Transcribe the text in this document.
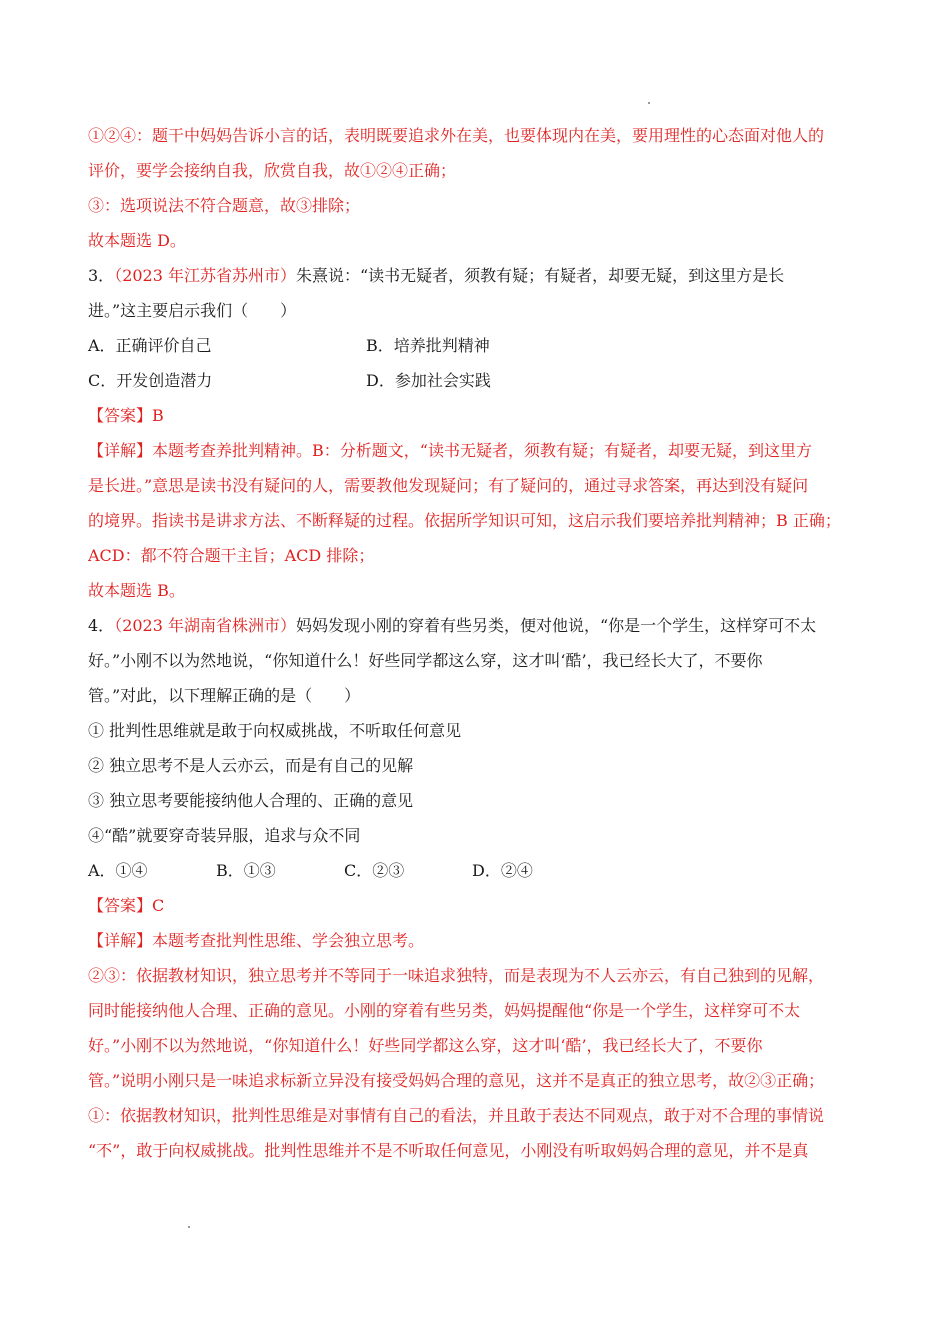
①②④：题干中妈妈告诉小言的话，表明既要追求外在美，也要体现内在美，要用理性的心态面对他人的
评价，要学会接纳自我，欣赏自我，故①②④正确；
③：选项说法不符合题意，故③排除；
故本题选 D。
3．（2023 年江苏省苏州市）朱熹说：“读书无疑者，须教有疑；有疑者，却要无疑，到这里方是长
进。”这主要启示我们（　　）
A．正确评价自己	B．培养批判精神
C．开发创造潜力	D．参加社会实践
【答案】B
【详解】本题考查养批判精神。B：分析题文，“读书无疑者，须教有疑；有疑者，却要无疑，到这里方
是长进。”意思是读书没有疑问的人，需要教他发现疑问；有了疑问的，通过寻求答案，再达到没有疑问
的境界。指读书是讲求方法、不断释疑的过程。依据所学知识可知，这启示我们要培养批判精神；B 正确；
ACD：都不符合题干主旨；ACD 排除；
故本题选 B。
4．（2023 年湖南省株洲市）妈妈发现小刚的穿着有些另类，便对他说，“你是一个学生，这样穿可不太
好。”小刚不以为然地说，“你知道什么！好些同学都这么穿，这才叫‘酷’，我已经长大了，不要你
管。”对此，以下理解正确的是（　　）
① 批判性思维就是敢于向权威挑战，不听取任何意见
② 独立思考不是人云亦云，而是有自己的见解
③ 独立思考要能接纳他人合理的、正确的意见
④“酷”就要穿奇装异服，追求与众不同
A．①④	B．①③	C．②③	D．②④
【答案】C
【详解】本题考查批判性思维、学会独立思考。
②③：依据教材知识，独立思考并不等同于一味追求独特，而是表现为不人云亦云，有自己独到的见解，
同时能接纳他人合理、正确的意见。小刚的穿着有些另类，妈妈提醒他“你是一个学生，这样穿可不太
好。”小刚不以为然地说，“你知道什么！好些同学都这么穿，这才叫‘酷’，我已经长大了，不要你
管。”说明小刚只是一味追求标新立异没有接受妈妈合理的意见，这并不是真正的独立思考，故②③正确；
①：依据教材知识，批判性思维是对事情有自己的看法，并且敢于表达不同观点，敢于对不合理的事情说
“不”，敢于向权威挑战。批判性思维并不是不听取任何意见，小刚没有听取妈妈合理的意见，并不是真
